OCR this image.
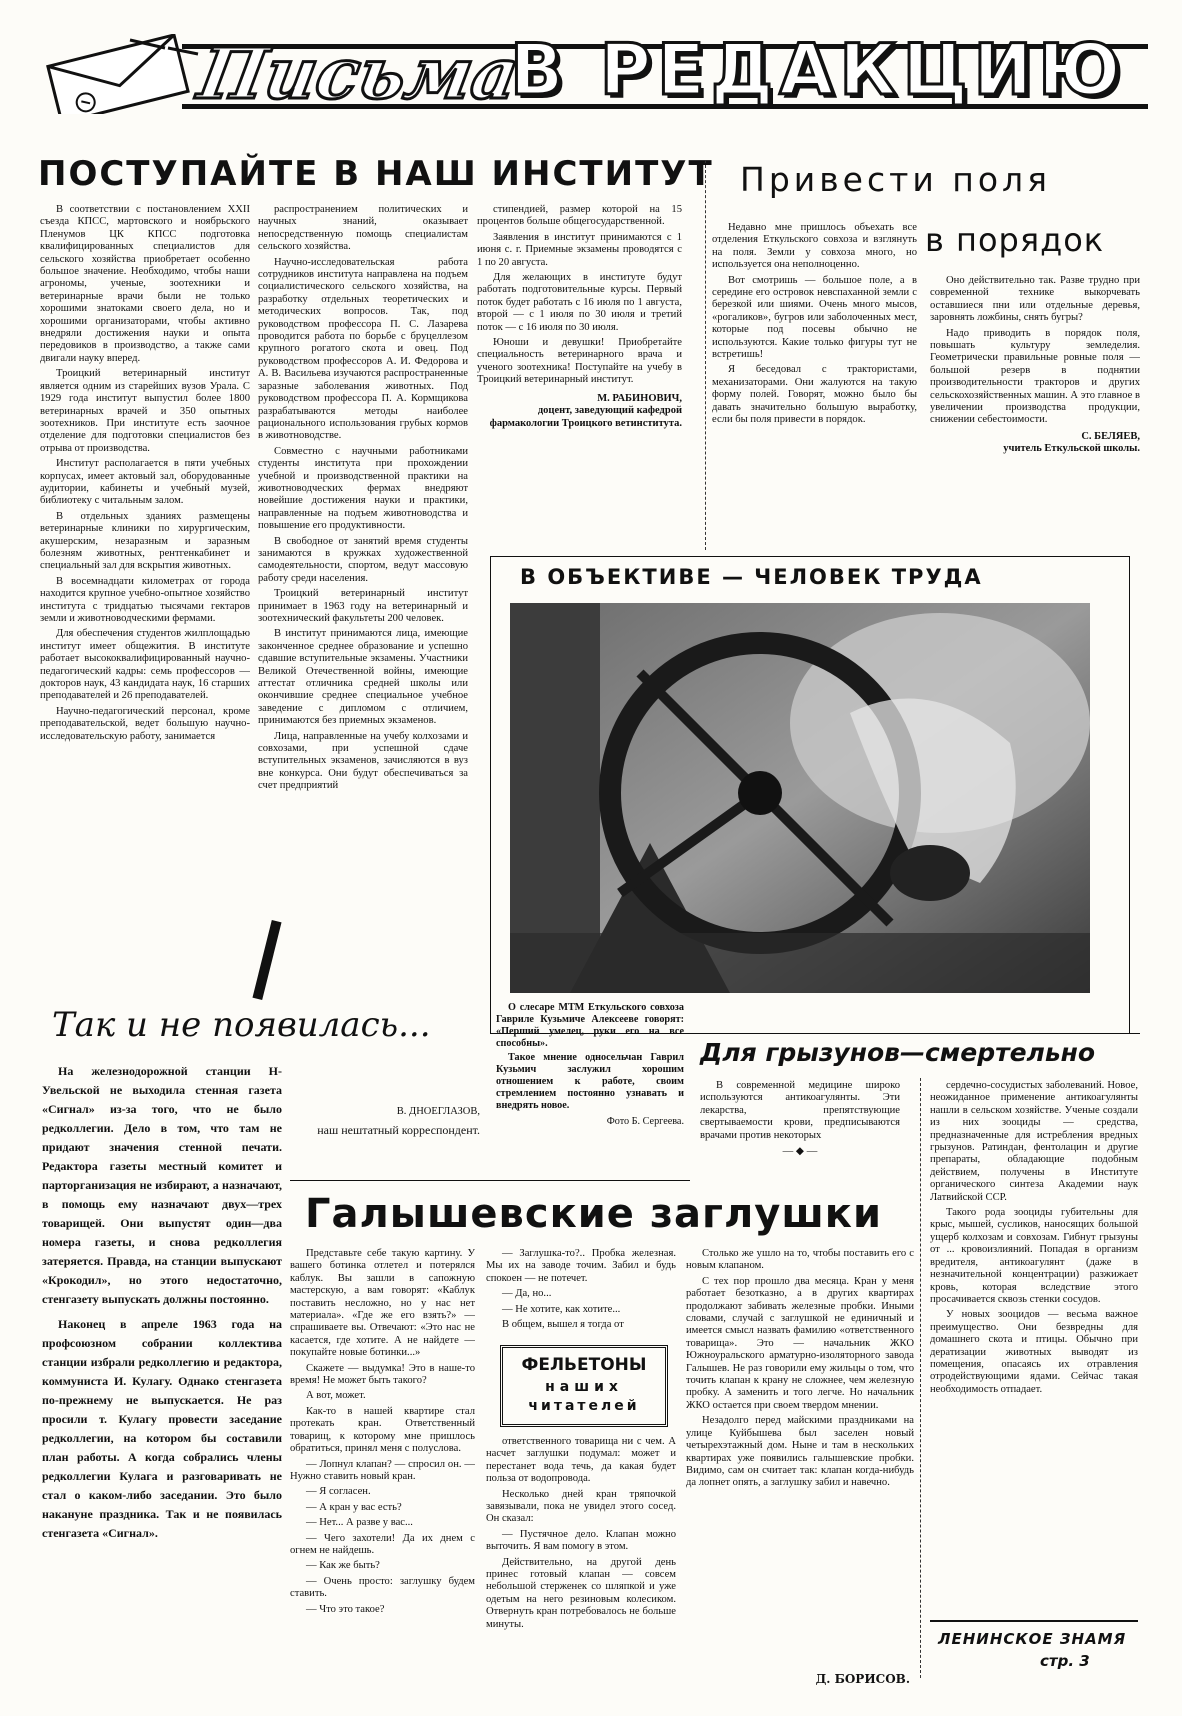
Письма
В РЕДАКЦИЮ
ПОСТУПАЙТЕ В НАШ ИНСТИТУТ

В соответствии с постановлением XXII съезда КПСС, мартовского и ноябрьского Пленумов ЦК КПСС подготовка квалифицированных специалистов для сельского хозяйства приобретает особенно большое значение. Необходимо, чтобы наши агрономы, ученые, зоотехники и ветеринарные врачи были не только хорошими знатоками своего дела, но и хорошими организаторами, чтобы активно внедряли достижения науки и опыта передовиков в производство, а также сами двигали науку вперед.

Троицкий ветеринарный институт является одним из старейших вузов Урала. С 1929 года институт выпустил более 1800 ветеринарных врачей и 350 опытных зоотехников. При институте есть заочное отделение для подготовки специалистов без отрыва от производства.

Институт располагается в пяти учебных корпусах, имеет актовый зал, оборудованные аудитории, кабинеты и учебный музей, библиотеку с читальным залом.

В отдельных зданиях размещены ветеринарные клиники по хирургическим, акушерским, незаразным и заразным болезням животных, рентгенкабинет и специальный зал для вскрытия животных.

В восемнадцати километрах от города находится крупное учебно-опытное хозяйство института с тридцатью тысячами гектаров земли и животноводческими фермами.

Для обеспечения студентов жилплощадью институт имеет общежития. В институте работает высококвалифицированный научно-педагогический кадры: семь профессоров — докторов наук, 43 кандидата наук, 16 старших преподавателей и 26 преподавателей.

Научно-педагогический персонал, кроме преподавательской, ведет большую научно-исследовательскую работу, занимается

распространением политических и научных знаний, оказывает непосредственную помощь специалистам сельского хозяйства.

Научно-исследовательская работа сотрудников института направлена на подъем социалистического сельского хозяйства, на разработку отдельных теоретических и методических вопросов. Так, под руководством профессора П. С. Лазарева проводится работа по борьбе с бруцеллезом крупного рогатого скота и овец. Под руководством профессоров А. И. Федорова и А. В. Васильева изучаются распространенные заразные заболевания животных. Под руководством профессора П. А. Кормщикова разрабатываются методы наиболее рационального использования грубых кормов в животноводстве.

Совместно с научными работниками студенты института при прохождении учебной и производственной практики на животноводческих фермах внедряют новейшие достижения науки и практики, направленные на подъем животноводства и повышение его продуктивности.

В свободное от занятий время студенты занимаются в кружках художественной самодеятельности, спортом, ведут массовую работу среди населения.

Троицкий ветеринарный институт принимает в 1963 году на ветеринарный и зоотехнический факультеты 200 человек.

В институт принимаются лица, имеющие законченное среднее образование и успешно сдавшие вступительные экзамены. Участники Великой Отечественной войны, имеющие аттестат отличника средней школы или окончившие среднее специальное учебное заведение с дипломом с отличием, принимаются без приемных экзаменов.

Лица, направленные на учебу колхозами и совхозами, при успешной сдаче вступительных экзаменов, зачисляются в вуз вне конкурса. Они будут обеспечиваться за счет предприятий

стипендией, размер которой на 15 процентов больше общегосударственной.

Заявления в институт принимаются с 1 июня с. г. Приемные экзамены проводятся с 1 по 20 августа.

Для желающих в институте будут работать подготовительные курсы. Первый поток будет работать с 16 июля по 1 августа, второй — с 1 июля по 30 июля и третий поток — с 16 июля по 30 июля.

Юноши и девушки! Приобретайте специальность ветеринарного врача и ученого зоотехника! Поступайте на учебу в Троицкий ветеринарный институт.

М. РАБИНОВИЧ,
доцент, заведующий кафедрой фармакологии Троицкого ветинститута.
Привести поля
в порядок

Недавно мне пришлось объехать все отделения Еткульского совхоза и взглянуть на поля. Земли у совхоза много, но используется она неполноценно.

Вот смотришь — большое поле, а в середине его островок невспаханной земли с березкой или шиями. Очень много мысов, «рогаликов», бугров или заболоченных мест, которые под посевы обычно не используются. Какие только фигуры тут не встретишь!

Я беседовал с трактористами, механизаторами. Они жалуются на такую форму полей. Говорят, можно было бы давать значительно большую выработку, если бы поля привести в порядок.

Оно действительно так. Разве трудно при современной технике выкорчевать оставшиеся пни или отдельные деревья, заровнять ложбины, снять бугры?

Надо приводить в порядок поля, повышать культуру земледелия. Геометрически правильные ровные поля — большой резерв в поднятии производительности тракторов и других сельскохозяйственных машин. А это главное в увеличении производства продукции, снижении себестоимости.

С. БЕЛЯЕВ,
учитель Еткульской школы.
В ОБЪЕКТИВЕ — ЧЕЛОВЕК ТРУДА
О слесаре МТМ Еткульского совхоза Гавриле Кузьмиче Алексееве говорят: «Перший умелец, руки его на все способны».
Такое мнение односельчан Гаврил Кузьмич заслужил хорошим отношением к работе, своим стремлением постоянно узнавать и внедрять новое.
Фото Б. Сергеева.
Для грызунов—смертельно

В современной медицине широко используются антикоагулянты. Эти лекарства, препятствующие свертываемости крови, предписываются врачами против некоторых

— ◆ —

сердечно-сосудистых заболеваний. Новое, неожиданное применение антикоагулянты нашли в сельском хозяйстве. Ученые создали из них зооциды — средства, предназначенные для истребления вредных грызунов. Ратиндан, фентолацин и другие препараты, обладающие подобным действием, получены в Институте органического синтеза Академии наук Латвийской ССР.

Такого рода зооциды губительны для крыс, мышей, сусликов, наносящих большой ущерб колхозам и совхозам. Гибнут грызуны от ... кровоизлияний. Попадая в организм вредителя, антикоагулянт (даже в незначительной концентрации) разжижает кровь, которая вследствие этого просачивается сквозь стенки сосудов.

У новых зооцидов — весьма важное преимущество. Они безвредны для домашнего скота и птицы. Обычно при дератизации животных выводят из помещения, опасаясь их отравления отродействующими ядами. Сейчас такая необходимость отпадает.

Так и не появилась...

На железнодорожной станции Н-Увельской не выходила стенная газета «Сигнал» из-за того, что не было редколлегии. Дело в том, что там не придают значения стенной печати. Редактора газеты местный комитет и парторганизация не избирают, а назначают, в помощь ему назначают двух—трех товарищей. Они выпустят один—два номера газеты, и снова редколлегия затеряется. Правда, на станции выпускают «Крокодил», но этого недостаточно, стенгазету выпускать должны постоянно.

Наконец в апреле 1963 года на профсоюзном собрании коллектива станции избрали редколлегию и редактора, коммуниста И. Кулагу. Однако стенгазета по-прежнему не выпускается. Не раз просили т. Кулагу провести заседание редколлегии, на котором бы составили план работы. А когда собрались члены редколлегии Кулага и разговаривать не стал о каком-либо заседании. Это было накануне праздника. Так и не появилась стенгазета «Сигнал».

В. ДНОЕГЛАЗОВ,
наш нештатный корреспондент.
Галышевские заглушки

Представьте себе такую картину. У вашего ботинка отлетел и потерялся каблук. Вы зашли в сапожную мастерскую, а вам говорят: «Каблук поставить несложно, но у нас нет материала». «Где же его взять?» — спрашиваете вы. Отвечают: «Это нас не касается, где хотите. А не найдете — покупайте новые ботинки...»

Скажете — выдумка! Это в наше-то время! Не может быть такого?

А вот, может.

Как-то в нашей квартире стал протекать кран. Ответственный товарищ, к которому мне пришлось обратиться, принял меня с полуслова.

— Лопнул клапан? — спросил он. — Нужно ставить новый кран.

— Я согласен.

— А кран у вас есть?

— Нет... А разве у вас...

— Чего захотели! Да их днем с огнем не найдешь.

— Как же быть?

— Очень просто: заглушку будем ставить.

— Что это такое?

— Заглушка-то?.. Пробка железная. Мы их на заводе точим. Забил и будь спокоен — не потечет.

— Да, но...

— Не хотите, как хотите...

В общем, вышел я тогда от

ФЕЛЬЕТОНЫ
наших
читателей

ответственного товарища ни с чем. А насчет заглушки подумал: может и перестанет вода течь, да какая будет польза от водопровода.

Несколько дней кран тряпочкой завязывали, пока не увидел этого сосед. Он сказал:

— Пустячное дело. Клапан можно выточить. Я вам помогу в этом.

Действительно, на другой день принес готовый клапан — совсем небольшой стерженек со шляпкой и уже одетым на него резиновым колесиком. Отвернуть кран потребовалось не больше минуты.

Столько же ушло на то, чтобы поставить его с новым клапаном.

С тех пор прошло два месяца. Кран у меня работает безотказно, а в других квартирах продолжают забивать железные пробки. Иными словами, случай с заглушкой не единичный и имеется смысл назвать фамилию «ответственного товарища». Это — начальник ЖКО Южноуральского арматурно-изоляторного завода Галышев. Не раз говорили ему жильцы о том, что точить клапан к крану не сложнее, чем железную пробку. А заменить и того легче. Но начальник ЖКО остается при своем твердом мнении.

Незадолго перед майскими праздниками на улице Куйбышева был заселен новый четырехэтажный дом. Ныне и там в нескольких квартирах уже появились галышевские пробки. Видимо, сам он считает так: клапан когда-нибудь да лопнет опять, а заглушку забил и навечно.

Д. БОРИСОВ.
ЛЕНИНСКОЕ ЗНАМЯ
стр. 3
